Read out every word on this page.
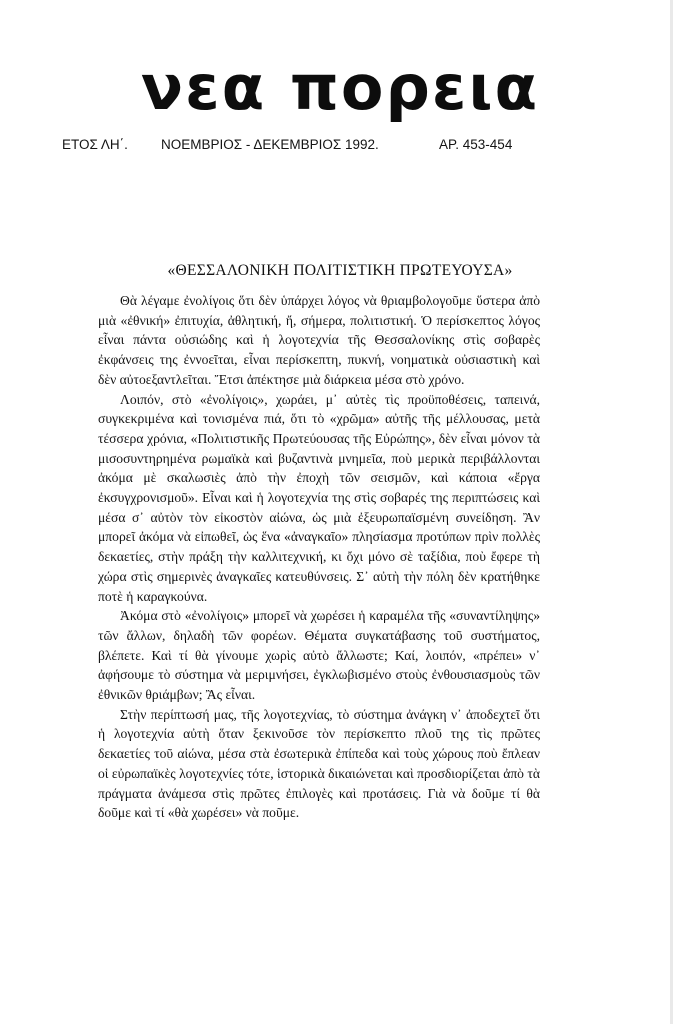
νεα πορεια
ΕΤΟΣ ΛΗ΄. ΝΟΕΜΒΡΙΟΣ - ΔΕΚΕΜΒΡΙΟΣ 1992.	ΑΡ. 453-454
«ΘΕΣΣΑΛΟΝΙΚΗ ΠΟΛΙΤΙΣΤΙΚΗ ΠΡΩΤΕΥΟΥΣΑ»

Θὰ λέγαμε ἐνολίγοις ὅτι δὲν ὑπάρχει λόγος νὰ θριαμβολογοῦμε ὕστερα ἀπὸ μιὰ «ἐθνική» ἐπιτυχία, ἀθλητική, ἤ, σήμερα, πολιτιστική. Ὁ περίσκεπτος λόγος εἶναι πάντα οὐσιώδης καὶ ἡ λογοτεχνία τῆς Θεσσαλονίκης στὶς σοβαρὲς ἐκφάνσεις της ἐννοεῖται, εἶναι περίσκεπτη, πυκνή, νοηματικὰ οὐσιαστικὴ καὶ δὲν αὐτοεξαντλεῖται. Ἔτσι ἀπέκτησε μιὰ διάρκεια μέσα στὸ χρόνο.

Λοιπόν, στὸ «ἐνολίγοις», χωράει, μ᾿ αὐτὲς τὶς προϋποθέσεις, ταπεινά, συγκεκριμένα καὶ τονισμένα πιά, ὅτι τὸ «χρῶμα» αὐτῆς τῆς μέλλουσας, μετὰ τέσσερα χρόνια, «Πολιτιστικῆς Πρωτεύουσας τῆς Εὐρώπης», δὲν εἶναι μόνον τὰ μισοσυντηρημένα ρωμαϊκὰ καὶ βυζαντινὰ μνημεῖα, ποὺ μερικὰ περιβάλλονται ἀκόμα μὲ σκαλωσιὲς ἀπὸ τὴν ἐποχὴ τῶν σεισμῶν, καὶ κάποια «ἔργα ἐκσυγχρονισμοῦ». Εἶναι καὶ ἡ λογοτεχνία της στὶς σοβαρές της περιπτώσεις καὶ μέσα σ᾿ αὐτὸν τὸν εἰκοστὸν αἰώνα, ὡς μιὰ ἐξευρωπαϊσμένη συνείδηση. Ἂν μπορεῖ ἀκόμα νὰ εἰπωθεῖ, ὡς ἕνα «ἀναγκαῖο» πλησίασμα προτύπων πρὶν πολλὲς δεκαετίες, στὴν πράξη τὴν καλλιτεχνική, κι ὄχι μόνο σὲ ταξίδια, ποὺ ἔφερε τὴ χώρα στὶς σημερινὲς ἀναγκαῖες κατευθύνσεις. Σ᾿ αὐτὴ τὴν πόλη δὲν κρατήθηκε ποτὲ ἡ καραγκούνα.

Ἀκόμα στὸ «ἐνολίγοις» μπορεῖ νὰ χωρέσει ἡ καραμέλα τῆς «συναντίληψης» τῶν ἄλλων, δηλαδὴ τῶν φορέων. Θέματα συγκατάβασης τοῦ συστήματος, βλέπετε. Καὶ τί θὰ γίνουμε χωρὶς αὐτὸ ἄλλωστε; Καί, λοιπόν, «πρέπει» ν᾿ ἀφήσουμε τὸ σύστημα νὰ μεριμνήσει, ἐγκλωβισμένο στοὺς ἐνθουσιασμοὺς τῶν ἐθνικῶν θριάμβων; Ἂς εἶναι.

Στὴν περίπτωσή μας, τῆς λογοτεχνίας, τὸ σύστημα ἀνάγκη ν᾿ ἀποδεχτεῖ ὅτι ἡ λογοτεχνία αὐτὴ ὅταν ξεκινοῦσε τὸν περίσκεπτο πλοῦ της τὶς πρῶτες δεκαετίες τοῦ αἰώνα, μέσα στὰ ἐσωτερικὰ ἐπίπεδα καὶ τοὺς χώρους ποὺ ἔπλεαν οἱ εὐρωπαϊκὲς λογοτεχνίες τότε, ἱστορικὰ δικαιώνεται καὶ προσδιορίζεται ἀπὸ τὰ πράγματα ἀνάμεσα στὶς πρῶτες ἐπιλογὲς καὶ προτάσεις. Γιὰ νὰ δοῦμε τί θὰ δοῦμε καὶ τί «θὰ χωρέσει» νὰ ποῦμε.
